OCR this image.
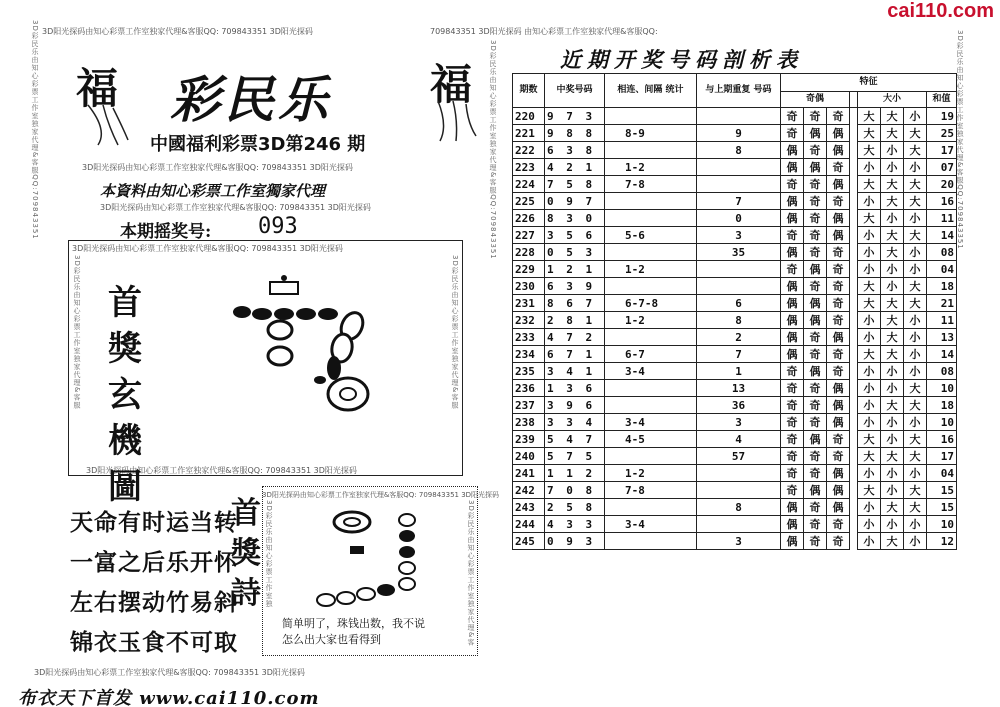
cai110.com
3D彩民乐由知心彩票工作室独家代理&客服QQ:709843351	3D彩民乐由知心彩票工作室独家代理&客服QQ:709843351	3D彩民乐由知心彩票工作室独家代理&客服QQ:709843351
3D阳光探码由知心彩票工作室独家代理&客服QQ: 709843351 3D阳光探码	709843351 3D阳光探码 由知心彩票工作室独家代理&客服QQ:
福	福
彩民乐
中國福利彩票3D第246 期
3D阳光探码由知心彩票工作室独家代理&客服QQ: 709843351 3D阳光探码
本資料由知心彩票工作室獨家代理
3D阳光探码由知心彩票工作室独家代理&客服QQ: 709843351 3D阳光探码
本期摇奖号: 093
3D阳光探码由知心彩票工作室独家代理&客服QQ: 709843351 3D阳光探码
3D阳光探码由知心彩票工作室独家代理&客服QQ: 709843351 3D阳光探码
3D彩民乐由知心彩票工作室独家代理&客服
3D彩民乐由知心彩票工作室独家代理&客服
首
獎
玄
機
圖
天命有时运当转
一富之后乐开怀
左右摆动竹易斜
锦衣玉食不可取
首
獎
詩
3D阳光探码由知心彩票工作室独家代理&客服QQ: 709843351 3D阳光探码
3D彩民乐由知心彩票工作室独
3D彩民乐由知心彩票工作室独家代理&客
简单明了，珠钱出数，我不说
怎么出大家也看得到
3D阳光探码由知心彩票工作室独家代理&客服QQ: 709843351 3D阳光探码
布衣天下首发 www.cai110.com
近期开奖号码剖析表
期数	中奖号码	相连、间隔 统计	与上期重复 号码	特征							
				奇偶				大小			和值
220	9 7 3			奇	奇	奇		大	大	小	19
221	9 8 8	8-9	9	奇	偶	偶		大	大	大	25
222	6 3 8		8	偶	奇	偶		大	小	大	17
223	4 2 1	1-2		偶	偶	奇		小	小	小	07
224	7 5 8	7-8		奇	奇	偶		大	大	大	20
225	0 9 7		7	偶	奇	奇		小	大	大	16
226	8 3 0		0	偶	奇	偶		大	小	小	11
227	3 5 6	5-6	3	奇	奇	偶		小	大	大	14
228	0 5 3		35	偶	奇	奇		小	大	小	08
229	1 2 1	1-2		奇	偶	奇		小	小	小	04
230	6 3 9			偶	奇	奇		大	小	大	18
231	8 6 7	6-7-8	6	偶	偶	奇		大	大	大	21
232	2 8 1	1-2	8	偶	偶	奇		小	大	小	11
233	4 7 2		2	偶	奇	偶		小	大	小	13
234	6 7 1	6-7	7	偶	奇	奇		大	大	小	14
235	3 4 1	3-4	1	奇	偶	奇		小	小	小	08
236	1 3 6		13	奇	奇	偶		小	小	大	10
237	3 9 6		36	奇	奇	偶		小	大	大	18
238	3 3 4	3-4	3	奇	奇	偶		小	小	小	10
239	5 4 7	4-5	4	奇	偶	奇		大	小	大	16
240	5 7 5		57	奇	奇	奇		大	大	大	17
241	1 1 2	1-2		奇	奇	偶		小	小	小	04
242	7 0 8	7-8		奇	偶	偶		大	小	大	15
243	2 5 8		8	偶	奇	偶		小	大	大	15
244	4 3 3	3-4		偶	奇	奇		小	小	小	10
245	0 9 3		3	偶	奇	奇		小	大	小	12
